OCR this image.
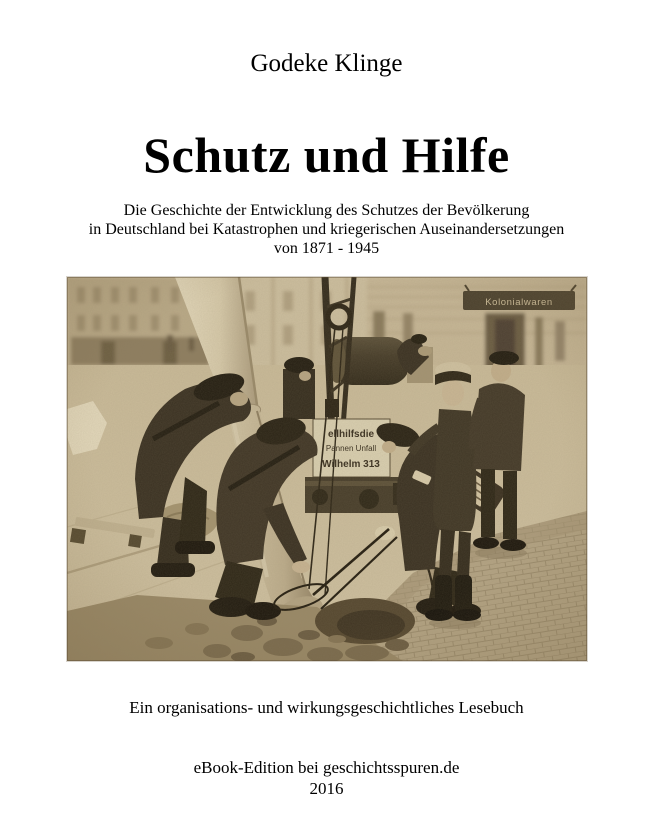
Godeke Klinge
Schutz und Hilfe
Die Geschichte der Entwicklung des Schutzes der Bevölkerung
in Deutschland bei Katastrophen und kriegerischen Auseinandersetzungen
von 1871 - 1945
Ein organisations- und wirkungsgeschichtliches Lesebuch
eBook-Edition bei geschichtsspuren.de
2016
